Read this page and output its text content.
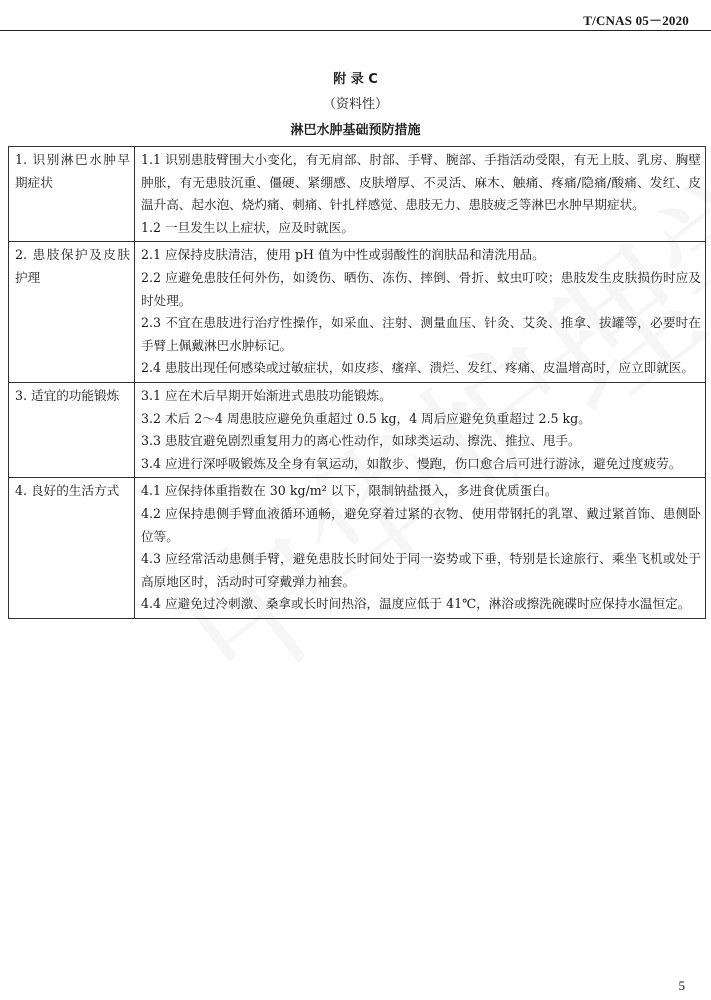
T/CNAS 05－2020
附 录 C
（资料性）
淋巴水肿基础预防措施
1. 识别淋巴水肿早期症状	1.1 识别患肢臂围大小变化，有无肩部、肘部、手臂、腕部、手指活动受限，有无上肢、乳房、胸壁肿胀，有无患肢沉重、僵硬、紧绷感、皮肤增厚、不灵活、麻木、触痛、疼痛/隐痛/酸痛、发红、皮温升高、起水泡、烧灼痛、刺痛、针扎样感觉、患肢无力、患肢疲乏等淋巴水肿早期症状。
1.2 一旦发生以上症状，应及时就医。

2. 患肢保护及皮肤护理	2.1 应保持皮肤清洁，使用 pH 值为中性或弱酸性的润肤品和清洗用品。
2.2 应避免患肢任何外伤，如烫伤、晒伤、冻伤、摔倒、骨折、蚊虫叮咬；患肢发生皮肤损伤时应及时处理。
2.3 不宜在患肢进行治疗性操作，如采血、注射、测量血压、针灸、艾灸、推拿、拔罐等，必要时在手臂上佩戴淋巴水肿标记。
2.4 患肢出现任何感染或过敏症状，如皮疹、瘙痒、溃烂、发红、疼痛、皮温增高时，应立即就医。

3. 适宜的功能锻炼	3.1 应在术后早期开始渐进式患肢功能锻炼。
3.2 术后 2～4 周患肢应避免负重超过 0.5 kg，4 周后应避免负重超过 2.5 kg。
3.3 患肢宜避免剧烈重复用力的离心性动作，如球类运动、擦洗、推拉、甩手。
3.4 应进行深呼吸锻炼及全身有氧运动，如散步、慢跑，伤口愈合后可进行游泳，避免过度疲劳。

4. 良好的生活方式	4.1 应保持体重指数在 30 kg/m² 以下，限制钠盐摄入，多进食优质蛋白。
4.2 应保持患侧手臂血液循环通畅，避免穿着过紧的衣物、使用带钢托的乳罩、戴过紧首饰、患侧卧位等。
4.3 应经常活动患侧手臂，避免患肢长时间处于同一姿势或下垂，特别是长途旅行、乘坐飞机或处于高原地区时，活动时可穿戴弹力袖套。
4.4 应避免过冷刺激、桑拿或长时间热浴，温度应低于 41℃，淋浴或擦洗碗碟时应保持水温恒定。
5
